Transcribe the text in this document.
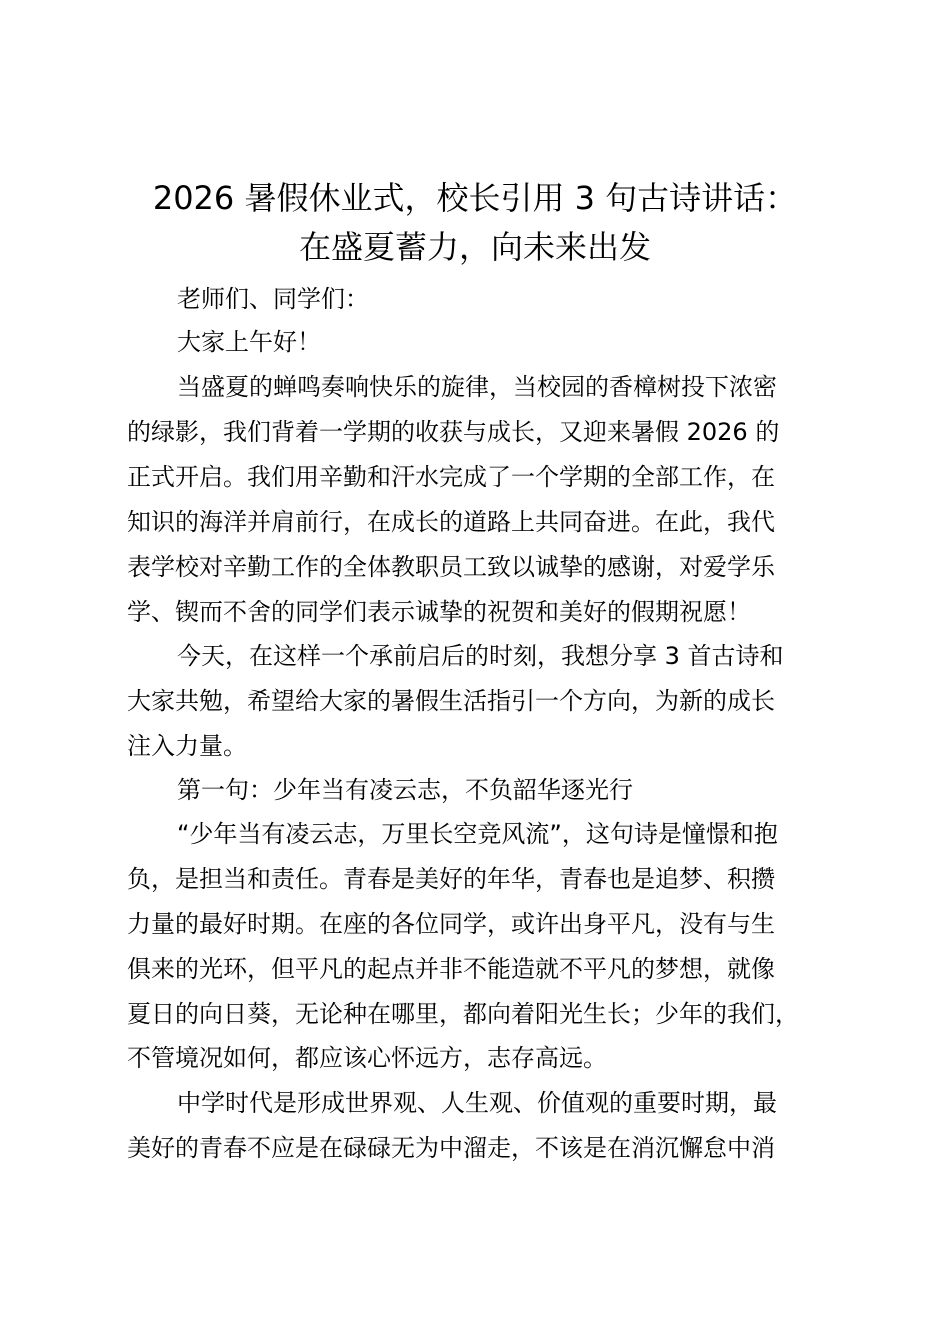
2026 暑假休业式，校长引用 3 句古诗讲话：
在盛夏蓄力，向未来出发
老师们、同学们：
大家上午好！
当盛夏的蝉鸣奏响快乐的旋律，当校园的香樟树投下浓密
的绿影，我们背着一学期的收获与成长，又迎来暑假 2026 的
正式开启。我们用辛勤和汗水完成了一个学期的全部工作，在
知识的海洋并肩前行，在成长的道路上共同奋进。在此，我代
表学校对辛勤工作的全体教职员工致以诚挚的感谢，对爱学乐
学、锲而不舍的同学们表示诚挚的祝贺和美好的假期祝愿！
今天，在这样一个承前启后的时刻，我想分享 3 首古诗和
大家共勉，希望给大家的暑假生活指引一个方向，为新的成长
注入力量。
第一句：少年当有凌云志，不负韶华逐光行
“少年当有凌云志，万里长空竞风流”，这句诗是憧憬和抱
负，是担当和责任。青春是美好的年华，青春也是追梦、积攒
力量的最好时期。在座的各位同学，或许出身平凡，没有与生
俱来的光环，但平凡的起点并非不能造就不平凡的梦想，就像
夏日的向日葵，无论种在哪里，都向着阳光生长；少年的我们，
不管境况如何，都应该心怀远方，志存高远。
中学时代是形成世界观、人生观、价值观的重要时期，最
美好的青春不应是在碌碌无为中溜走，不该是在消沉懈怠中消
